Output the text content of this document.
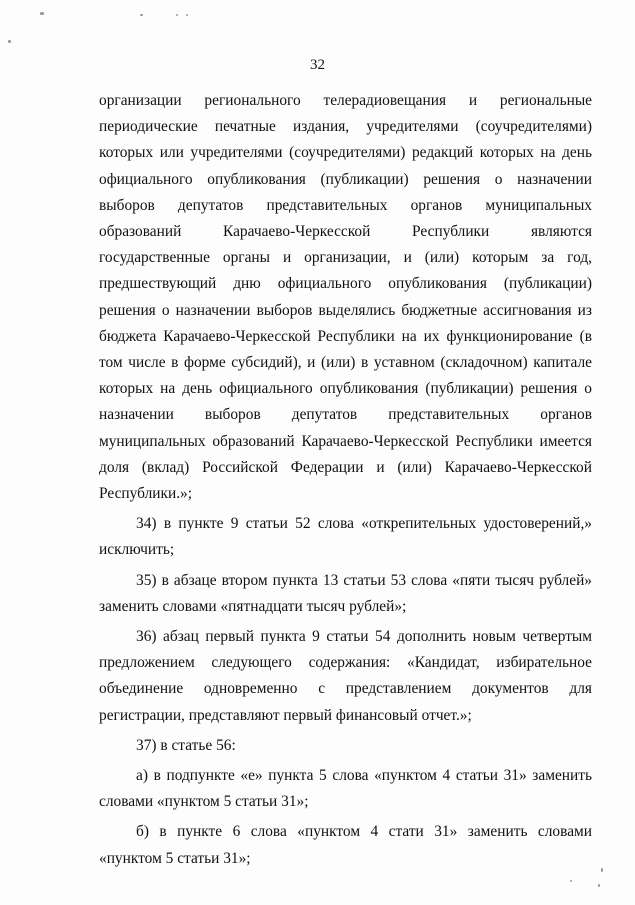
32

организации регионального телерадиовещания и региональные периодические печатные издания, учредителями (соучредителями) которых или учредителями (соучредителями) редакций которых на день официального опубликования (публикации) решения о назначении выборов депутатов представительных органов муниципальных образований Карачаево-Черкесской Республики являются государственные органы и организации, и (или) которым за год, предшествующий дню официального опубликования (публикации) решения о назначении выборов выделялись бюджетные ассигнования из бюджета Карачаево-Черкесской Республики на их функционирование (в том числе в форме субсидий), и (или) в уставном (складочном) капитале которых на день официального опубликования (публикации) решения о назначении выборов депутатов представительных органов муниципальных образований Карачаево-Черкесской Республики имеется доля (вклад) Российской Федерации и (или) Карачаево-Черкесской Республики.»;

34) в пункте 9 статьи 52 слова «открепительных удостоверений,» исключить;

35) в абзаце втором пункта 13 статьи 53 слова «пяти тысяч рублей» заменить словами «пятнадцати тысяч рублей»;

36) абзац первый пункта 9 статьи 54 дополнить новым четвертым предложением следующего содержания: «Кандидат, избирательное объединение одновременно с представлением документов для регистрации, представляют первый финансовый отчет.»;

37) в статье 56:

а) в подпункте «е» пункта 5 слова «пунктом 4 статьи 31» заменить словами «пунктом 5 статьи 31»;

б) в пункте 6 слова «пунктом 4 стати 31» заменить словами «пунктом 5 статьи 31»;
